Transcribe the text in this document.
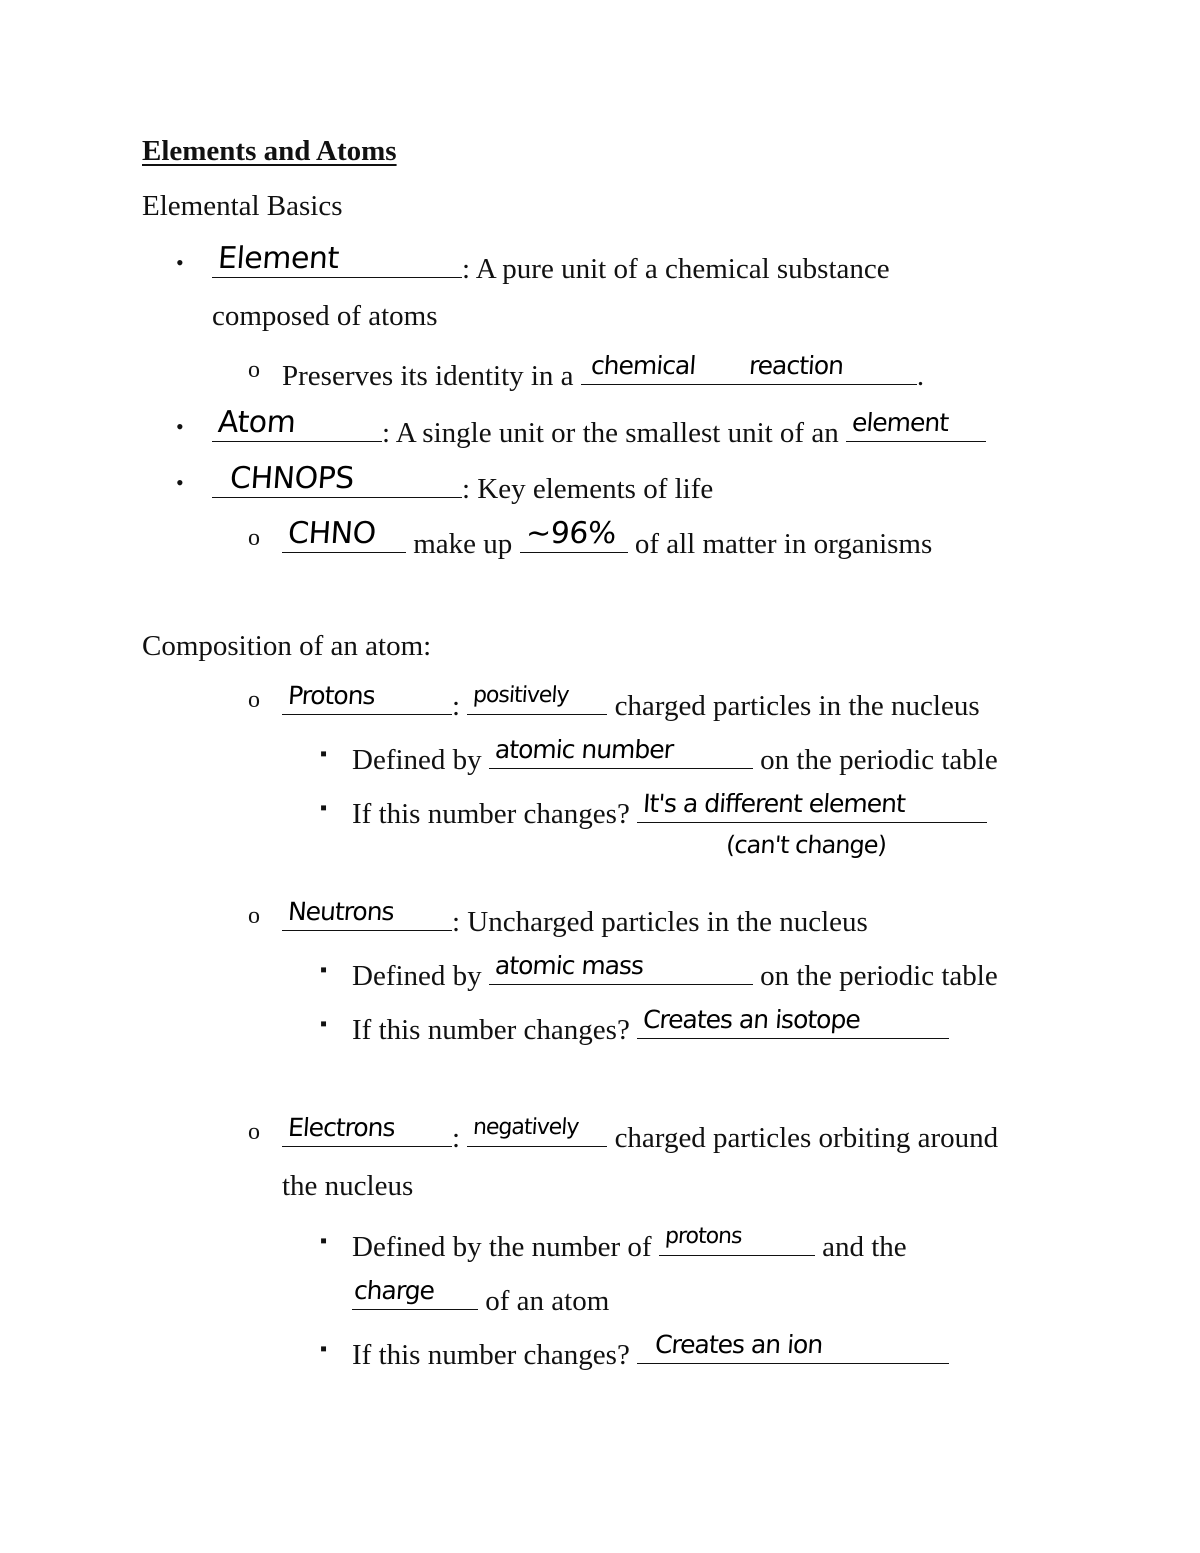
Elements and Atoms
Elemental Basics
• Element	: A pure unit of a chemical substance
composed of atoms
o Preserves its identity in a chemical reaction	.
• Atom	: A single unit or the smallest unit of an element
• CHNOPS	: Key elements of life
o CHNO make up ~96% of all matter in organisms
Composition of an atom:
o Protons	: positively charged particles in the nucleus
▪ Defined by atomic number	on the periodic table
▪ If this number changes? It's a different element
(can't change)
o Neutrons : Uncharged particles in the nucleus
▪ Defined by atomic mass	on the periodic table
▪ If this number changes? Creates an isotope
o Electrons : negatively charged particles orbiting around
the nucleus
▪ Defined by the number of protons	and the
charge of an atom
▪ If this number changes? Creates an ion
